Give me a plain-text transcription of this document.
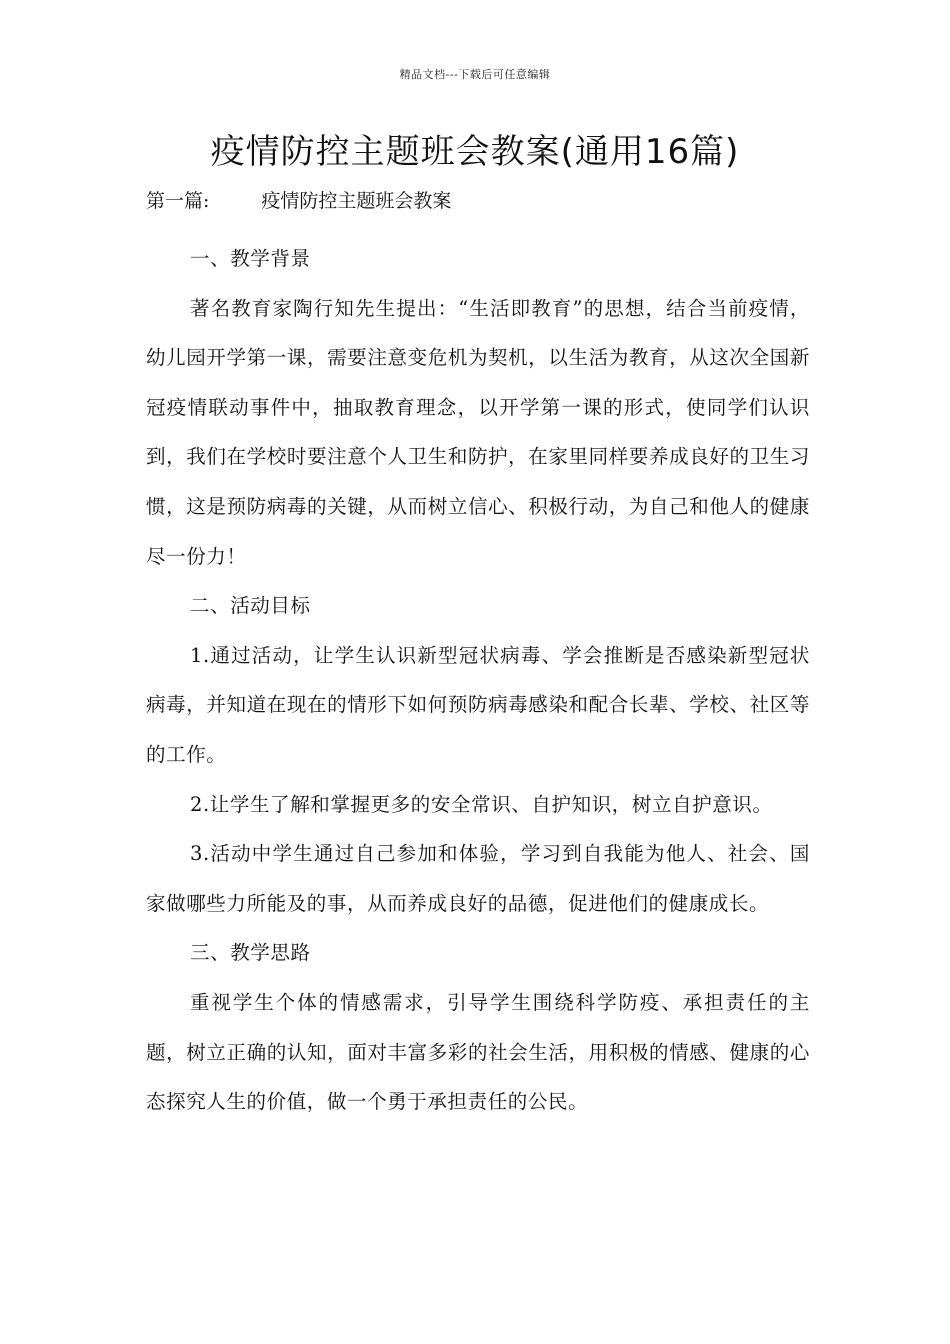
精品文档---下载后可任意编辑
疫情防控主题班会教案(通用16篇)
第一篇:	疫情防控主题班会教案

一、教学背景

著名教育家陶行知先生提出：“生活即教育”的思想，结合当前疫情，幼儿园开学第一课，需要注意变危机为契机，以生活为教育，从这次全国新冠疫情联动事件中，抽取教育理念，以开学第一课的形式，使同学们认识到，我们在学校时要注意个人卫生和防护，在家里同样要养成良好的卫生习惯，这是预防病毒的关键，从而树立信心、积极行动，为自己和他人的健康尽一份力！

二、活动目标

1.通过活动，让学生认识新型冠状病毒、学会推断是否感染新型冠状病毒，并知道在现在的情形下如何预防病毒感染和配合长辈、学校、社区等的工作。

2.让学生了解和掌握更多的安全常识、自护知识，树立自护意识。

3.活动中学生通过自己参加和体验，学习到自我能为他人、社会、国家做哪些力所能及的事，从而养成良好的品德，促进他们的健康成长。

三、教学思路

重视学生个体的情感需求，引导学生围绕科学防疫、承担责任的主题，树立正确的认知，面对丰富多彩的社会生活，用积极的情感、健康的心态探究人生的价值，做一个勇于承担责任的公民。
